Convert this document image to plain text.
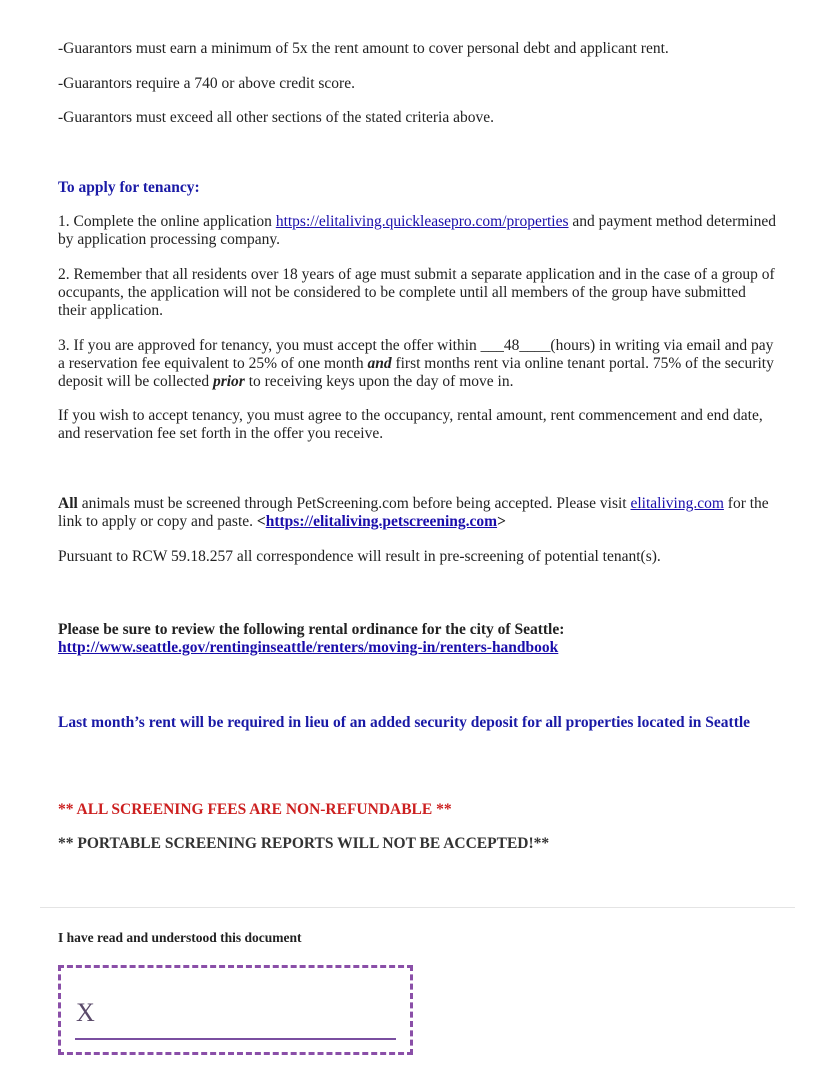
-Guarantors must earn a minimum of 5x the rent amount to cover personal debt and applicant rent.

-Guarantors require a 740 or above credit score.

-Guarantors must exceed all other sections of the stated criteria above.

To apply for tenancy:

1. Complete the online application https://elitaliving.quickleasepro.com/properties and payment method determined by application processing company.

2. Remember that all residents over 18 years of age must submit a separate application and in the case of a group of occupants, the application will not be considered to be complete until all members of the group have submitted their application.

3. If you are approved for tenancy, you must accept the offer within ___48____(hours) in writing via email and pay a reservation fee equivalent to 25% of one month and first months rent via online tenant portal. 75% of the security deposit will be collected prior to receiving keys upon the day of move in.

If you wish to accept tenancy, you must agree to the occupancy, rental amount, rent commencement and end date, and reservation fee set forth in the offer you receive.

All animals must be screened through PetScreening.com before being accepted. Please visit elitaliving.com for the link to apply or copy and paste. <https://elitaliving.petscreening.com>

Pursuant to RCW 59.18.257 all correspondence will result in pre-screening of potential tenant(s).

Please be sure to review the following rental ordinance for the city of Seattle:

http://www.seattle.gov/rentinginseattle/renters/moving-in/renters-handbook

Last month’s rent will be required in lieu of an added security deposit for all properties located in Seattle

** ALL SCREENING FEES ARE NON-REFUNDABLE **

** PORTABLE SCREENING REPORTS WILL NOT BE ACCEPTED!**

I have read and understood this document

X
